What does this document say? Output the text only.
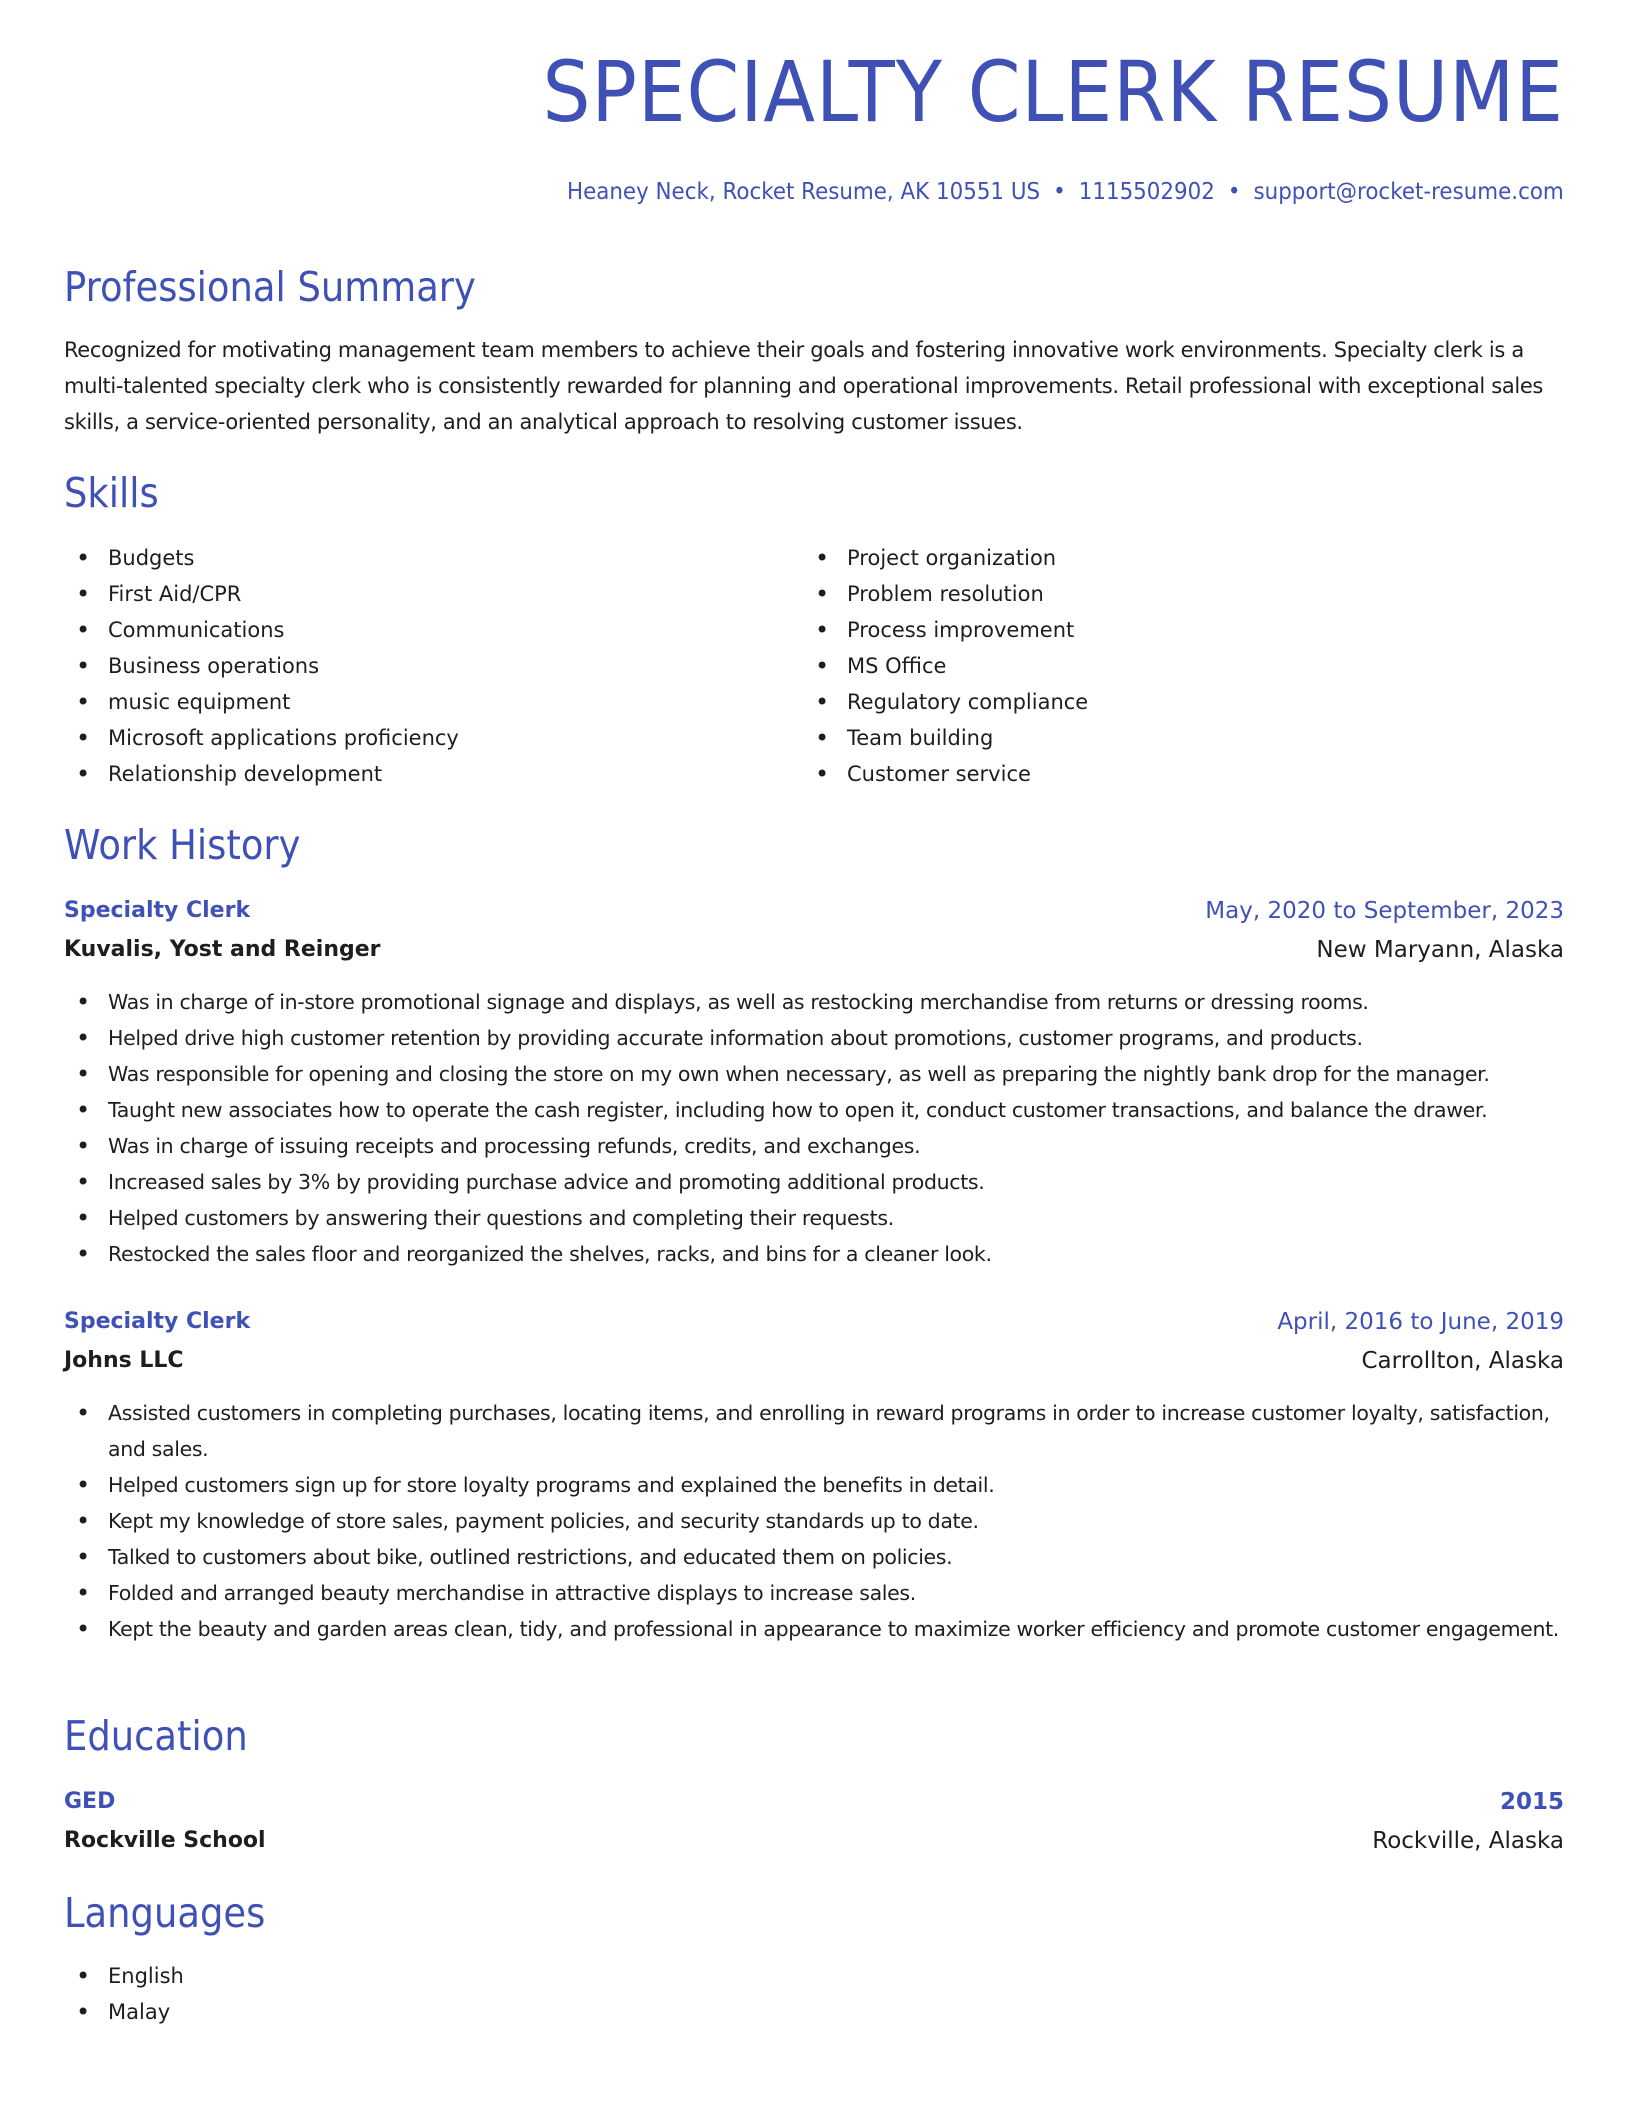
SPECIALTY CLERK RESUME
Heaney Neck, Rocket Resume, AK 10551 US • 1115502902 • support@rocket-resume.com
Professional Summary

Recognized for motivating management team members to achieve their goals and fostering innovative work environments. Specialty clerk is a multi-talented specialty clerk who is consistently rewarded for planning and operational improvements. Retail professional with exceptional sales skills, a service-oriented personality, and an analytical approach to resolving customer issues.

Skills
• Budgets
• First Aid/CPR
• Communications
• Business operations
• music equipment
• Microsoft applications proficiency
• Relationship development
• Project organization
• Problem resolution
• Process improvement
• MS Office
• Regulatory compliance
• Team building
• Customer service
Work History
Specialty Clerk	May, 2020 to September, 2023
Kuvalis, Yost and Reinger	New Maryann, Alaska
• Was in charge of in-store promotional signage and displays, as well as restocking merchandise from returns or dressing rooms.
• Helped drive high customer retention by providing accurate information about promotions, customer programs, and products.
• Was responsible for opening and closing the store on my own when necessary, as well as preparing the nightly bank drop for the manager.
• Taught new associates how to operate the cash register, including how to open it, conduct customer transactions, and balance the drawer.
• Was in charge of issuing receipts and processing refunds, credits, and exchanges.
• Increased sales by 3% by providing purchase advice and promoting additional products.
• Helped customers by answering their questions and completing their requests.
• Restocked the sales floor and reorganized the shelves, racks, and bins for a cleaner look.
Specialty Clerk	April, 2016 to June, 2019
Johns LLC	Carrollton, Alaska
• Assisted customers in completing purchases, locating items, and enrolling in reward programs in order to increase customer loyalty, satisfaction, and sales.
• Helped customers sign up for store loyalty programs and explained the benefits in detail.
• Kept my knowledge of store sales, payment policies, and security standards up to date.
• Talked to customers about bike, outlined restrictions, and educated them on policies.
• Folded and arranged beauty merchandise in attractive displays to increase sales.
• Kept the beauty and garden areas clean, tidy, and professional in appearance to maximize worker efficiency and promote customer engagement.
Education
GED	2015
Rockville School	Rockville, Alaska
Languages
• English
• Malay
